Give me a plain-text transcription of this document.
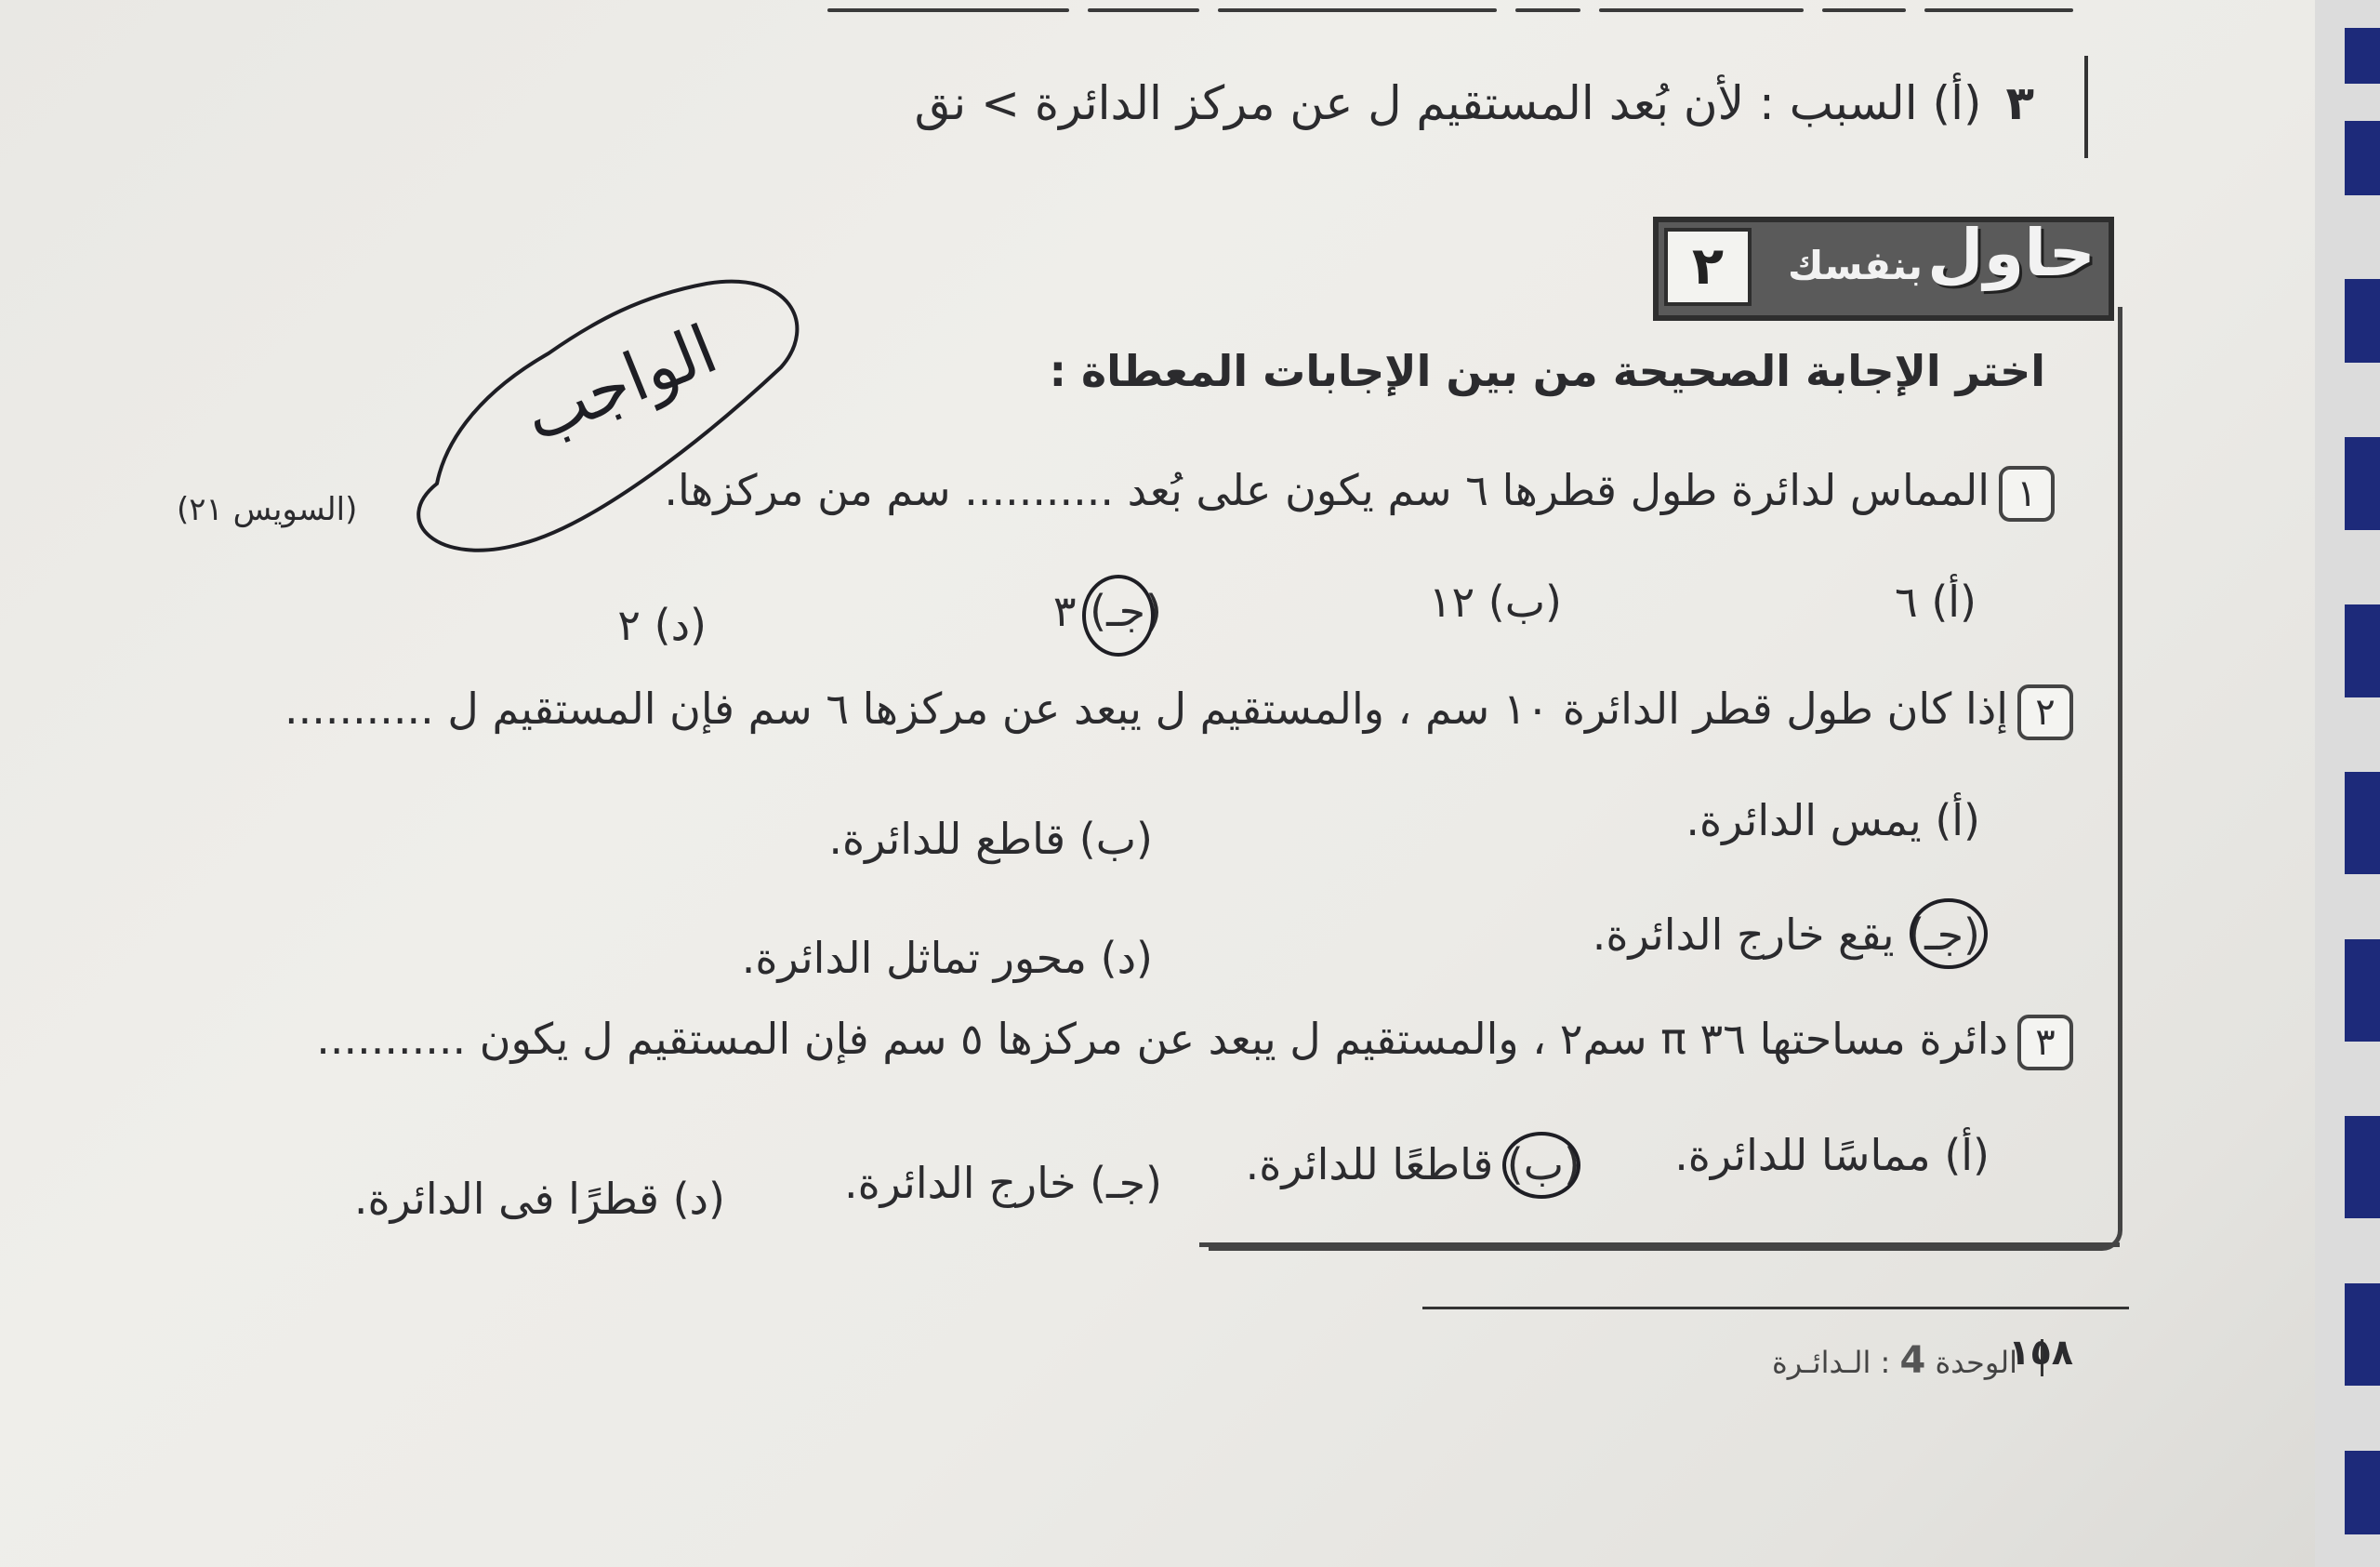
٣(أ) السبب : لأن بُعد المستقيم ل عن مركز الدائرة > نق
حاول
بنفسك
٢
اختر الإجابة الصحيحة من بين الإجابات المعطاة :
١المماس لدائرة طول قطرها ٦ سم يكون على بُعد ........... سم من مركزها.
(السويس ٢١)
(أ) ٦
(ب) ١٢
(جـ) ٣
(د) ٢
٢إذا كان طول قطر الدائرة ١٠ سم ، والمستقيم ل يبعد عن مركزها ٦ سم فإن المستقيم ل ...........
(أ) يمس الدائرة.
(ب) قاطع للدائرة.
(جـ) يقع خارج الدائرة.
(د) محور تماثل الدائرة.
٣دائرة مساحتها ٣٦ π سم٢ ، والمستقيم ل يبعد عن مركزها ٥ سم فإن المستقيم ل يكون ...........
(أ) مماسًا للدائرة.
(ب) قاطعًا للدائرة.
(جـ) خارج الدائرة.
(د) قطرًا فى الدائرة.
الواجب
١٥٨
الوحدة 4 : الـدائـرة
